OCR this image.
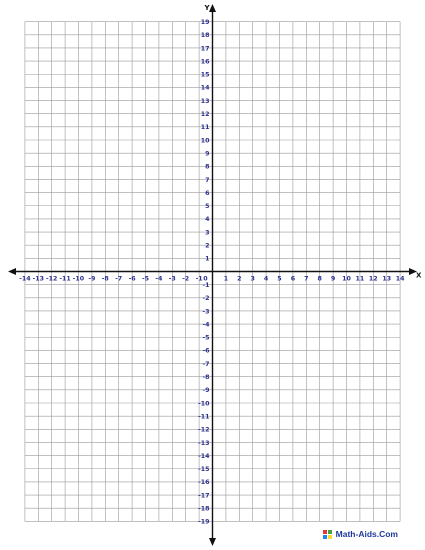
-14 -13 -12 -11 -10 -9 -8 -7 -6 -5 -4 -3 -2 -1	1 2 3 4 5 6 7 8 9 10 11 12 13 14
0
19
18
17
16
15
14
13
12
11
10
9
8
7
6
5
4
3
2
1
-1
-2
-3
-4
-5
-6
-7
-8
-9
-10
-11
-12
-13
-14
-15
-16
-17
-18
-19
X
Y
Math-Aids.Com
